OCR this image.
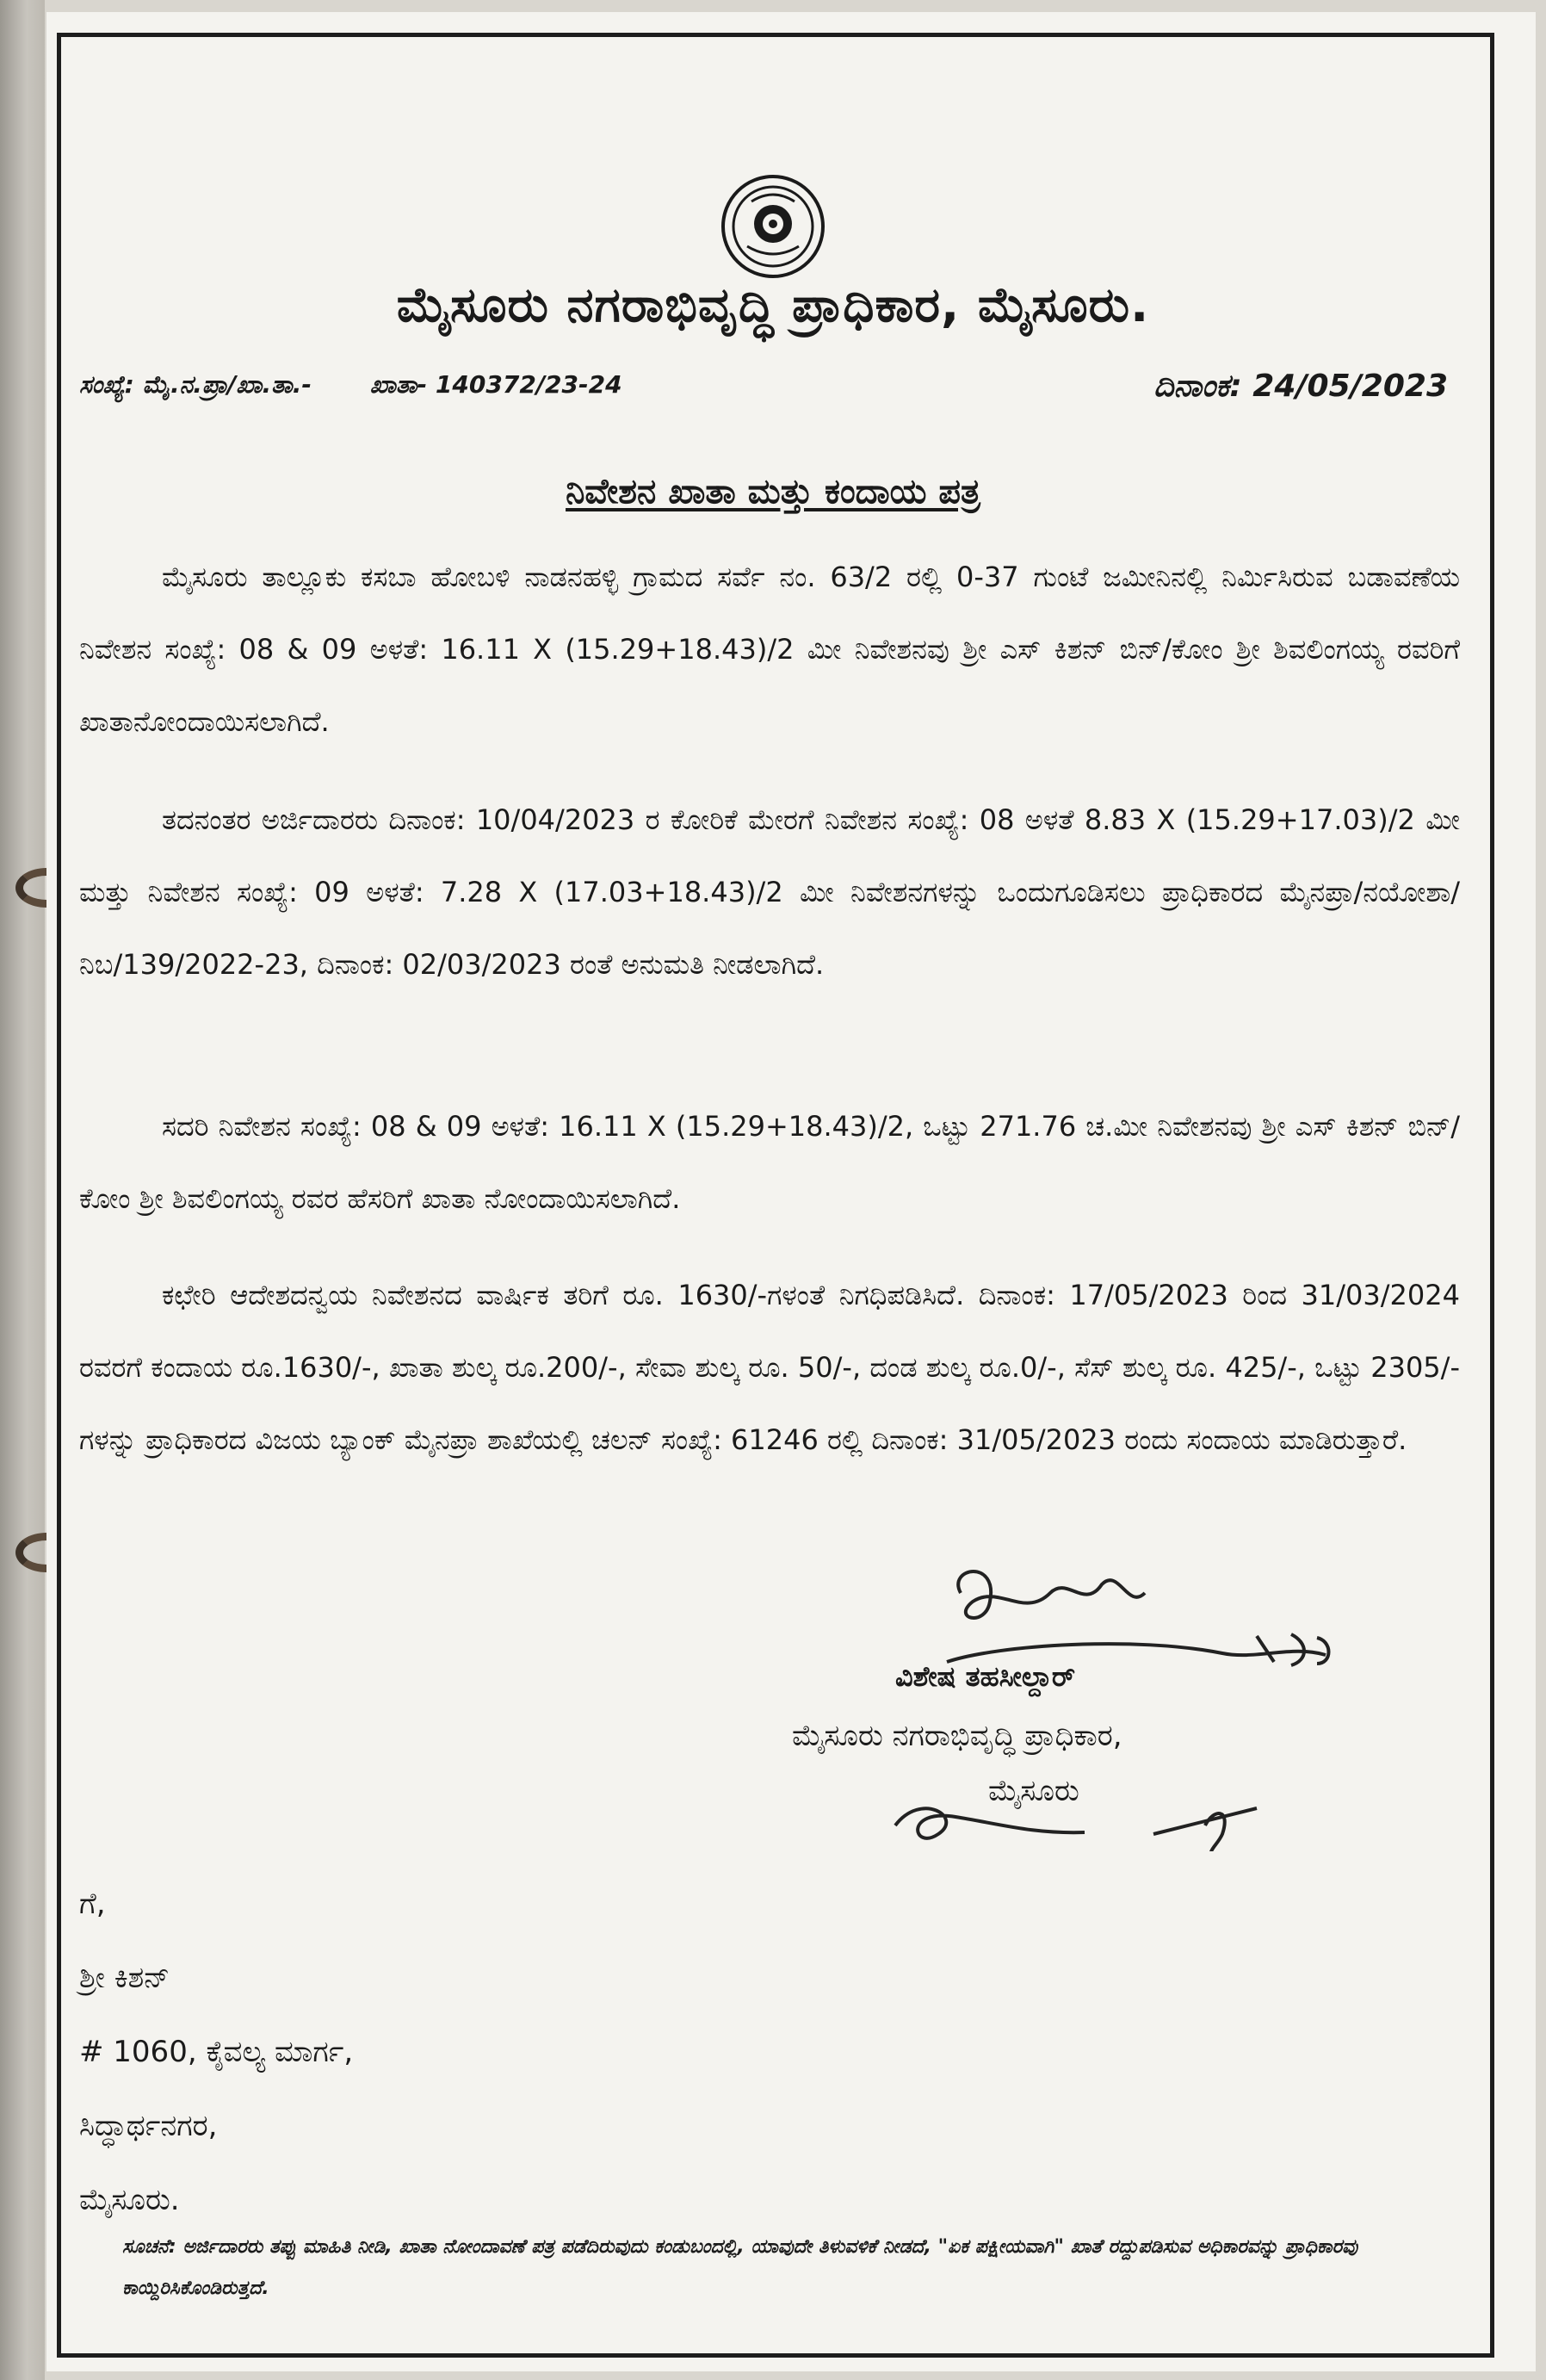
ಮೈಸೂರು ನಗರಾಭಿವೃದ್ಧಿ ಪ್ರಾಧಿಕಾರ, ಮೈಸೂರು.
ಸಂಖ್ಯೆ: ಮೈ.ನ.ಪ್ರಾ/ಖಾ.ತಾ.- ಖಾತಾ- 140372/23-24	ದಿನಾಂಕ: 24/05/2023
ನಿವೇಶನ ಖಾತಾ ಮತ್ತು ಕಂದಾಯ ಪತ್ರ
ಮೈಸೂರು ತಾಲ್ಲೂಕು ಕಸಬಾ ಹೋಬಳಿ ನಾಡನಹಳ್ಳಿ ಗ್ರಾಮದ ಸರ್ವೆ ನಂ. 63/2 ರಲ್ಲಿ 0-37 ಗುಂಟೆ ಜಮೀನಿನಲ್ಲಿ ನಿರ್ಮಿಸಿರುವ ಬಡಾವಣೆಯ ನಿವೇಶನ ಸಂಖ್ಯೆ: 08 & 09 ಅಳತೆ: 16.11 X (15.29+18.43)/2 ಮೀ ನಿವೇಶನವು ಶ್ರೀ ಎಸ್ ಕಿಶನ್ ಬಿನ್/ಕೋಂ ಶ್ರೀ ಶಿವಲಿಂಗಯ್ಯ ರವರಿಗೆ ಖಾತಾನೋಂದಾಯಿಸಲಾಗಿದೆ.
ತದನಂತರ ಅರ್ಜಿದಾರರು ದಿನಾಂಕ: 10/04/2023 ರ ಕೋರಿಕೆ ಮೇರಗೆ ನಿವೇಶನ ಸಂಖ್ಯೆ: 08 ಅಳತೆ 8.83 X (15.29+17.03)/2 ಮೀ ಮತ್ತು ನಿವೇಶನ ಸಂಖ್ಯೆ: 09 ಅಳತೆ: 7.28 X (17.03+18.43)/2 ಮೀ ನಿವೇಶನಗಳನ್ನು ಒಂದುಗೂಡಿಸಲು ಪ್ರಾಧಿಕಾರದ ಮೈನಪ್ರಾ/ನಯೋಶಾ/ನಿಬ/139/2022-23, ದಿನಾಂಕ: 02/03/2023 ರಂತೆ ಅನುಮತಿ ನೀಡಲಾಗಿದೆ.
ಸದರಿ ನಿವೇಶನ ಸಂಖ್ಯೆ: 08 & 09 ಅಳತೆ: 16.11 X (15.29+18.43)/2, ಒಟ್ಟು 271.76 ಚ.ಮೀ ನಿವೇಶನವು ಶ್ರೀ ಎಸ್ ಕಿಶನ್ ಬಿನ್/ಕೋಂ ಶ್ರೀ ಶಿವಲಿಂಗಯ್ಯ ರವರ ಹೆಸರಿಗೆ ಖಾತಾ ನೋಂದಾಯಿಸಲಾಗಿದೆ.
ಕಛೇರಿ ಆದೇಶದನ್ವಯ ನಿವೇಶನದ ವಾರ್ಷಿಕ ತರಿಗೆ ರೂ. 1630/-ಗಳಂತೆ ನಿಗಧಿಪಡಿಸಿದೆ. ದಿನಾಂಕ: 17/05/2023 ರಿಂದ 31/03/2024 ರವರಗೆ ಕಂದಾಯ ರೂ.1630/-, ಖಾತಾ ಶುಲ್ಕ ರೂ.200/-, ಸೇವಾ ಶುಲ್ಕ ರೂ. 50/-, ದಂಡ ಶುಲ್ಕ ರೂ.0/-, ಸೆಸ್ ಶುಲ್ಕ ರೂ. 425/-, ಒಟ್ಟು 2305/-ಗಳನ್ನು ಪ್ರಾಧಿಕಾರದ ವಿಜಯ ಬ್ಯಾಂಕ್ ಮೈನಪ್ರಾ ಶಾಖೆಯಲ್ಲಿ ಚಲನ್ ಸಂಖ್ಯೆ: 61246 ರಲ್ಲಿ ದಿನಾಂಕ: 31/05/2023 ರಂದು ಸಂದಾಯ ಮಾಡಿರುತ್ತಾರೆ.
ವಿಶೇಷ ತಹಸೀಲ್ದಾರ್
ಮೈಸೂರು ನಗರಾಭಿವೃದ್ಧಿ ಪ್ರಾಧಿಕಾರ,
ಮೈಸೂರು
ಗೆ,
ಶ್ರೀ ಕಿಶನ್
# 1060, ಕೈವಲ್ಯ ಮಾರ್ಗ,
ಸಿದ್ಧಾರ್ಥನಗರ,
ಮೈಸೂರು.
ಸೂಚನೆ: ಅರ್ಜಿದಾರರು ತಪ್ಪು ಮಾಹಿತಿ ನೀಡಿ, ಖಾತಾ ನೋಂದಾವಣೆ ಪತ್ರ ಪಡೆದಿರುವುದು ಕಂಡುಬಂದಲ್ಲಿ, ಯಾವುದೇ ತಿಳುವಳಿಕೆ ನೀಡದೆ, "ಏಕ ಪಕ್ಷೀಯವಾಗಿ" ಖಾತೆ ರದ್ದುಪಡಿಸುವ ಅಧಿಕಾರವನ್ನು ಪ್ರಾಧಿಕಾರವು ಕಾಯ್ದಿರಿಸಿಕೊಂಡಿರುತ್ತದೆ.
